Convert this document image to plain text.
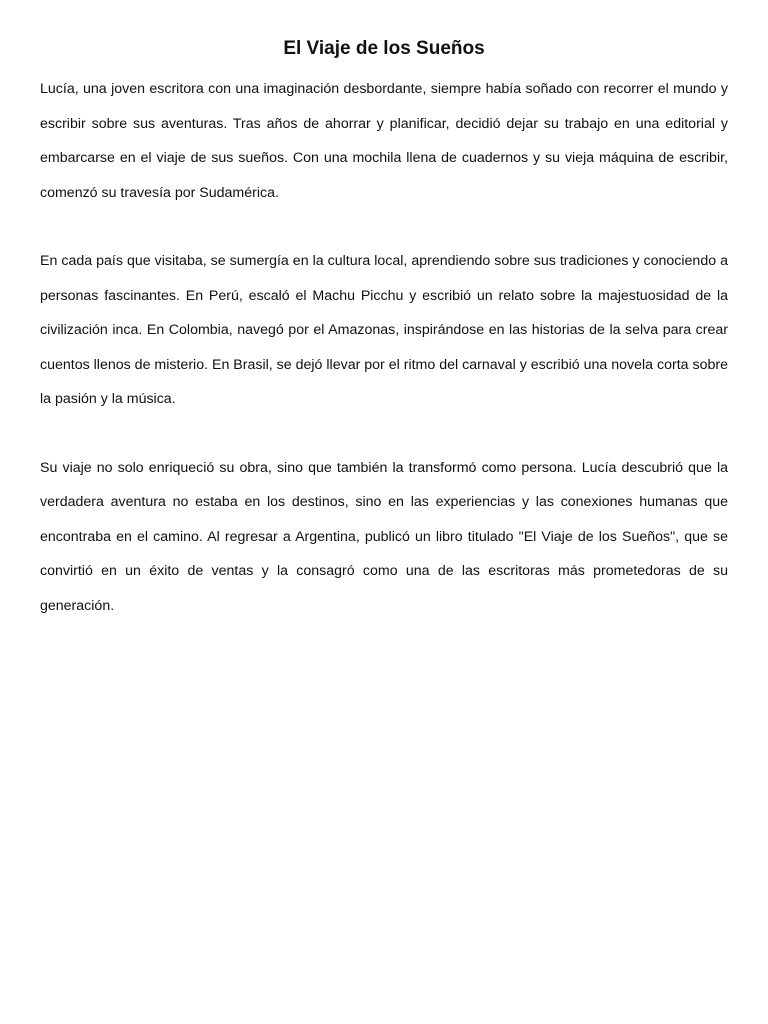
El Viaje de los Sueños

Lucía, una joven escritora con una imaginación desbordante, siempre había soñado con recorrer el mundo y escribir sobre sus aventuras. Tras años de ahorrar y planificar, decidió dejar su trabajo en una editorial y embarcarse en el viaje de sus sueños. Con una mochila llena de cuadernos y su vieja máquina de escribir, comenzó su travesía por Sudamérica.

En cada país que visitaba, se sumergía en la cultura local, aprendiendo sobre sus tradiciones y conociendo a personas fascinantes. En Perú, escaló el Machu Picchu y escribió un relato sobre la majestuosidad de la civilización inca. En Colombia, navegó por el Amazonas, inspirándose en las historias de la selva para crear cuentos llenos de misterio. En Brasil, se dejó llevar por el ritmo del carnaval y escribió una novela corta sobre la pasión y la música.

Su viaje no solo enriqueció su obra, sino que también la transformó como persona. Lucía descubrió que la verdadera aventura no estaba en los destinos, sino en las experiencias y las conexiones humanas que encontraba en el camino. Al regresar a Argentina, publicó un libro titulado "El Viaje de los Sueños", que se convirtió en un éxito de ventas y la consagró como una de las escritoras más prometedoras de su generación.
